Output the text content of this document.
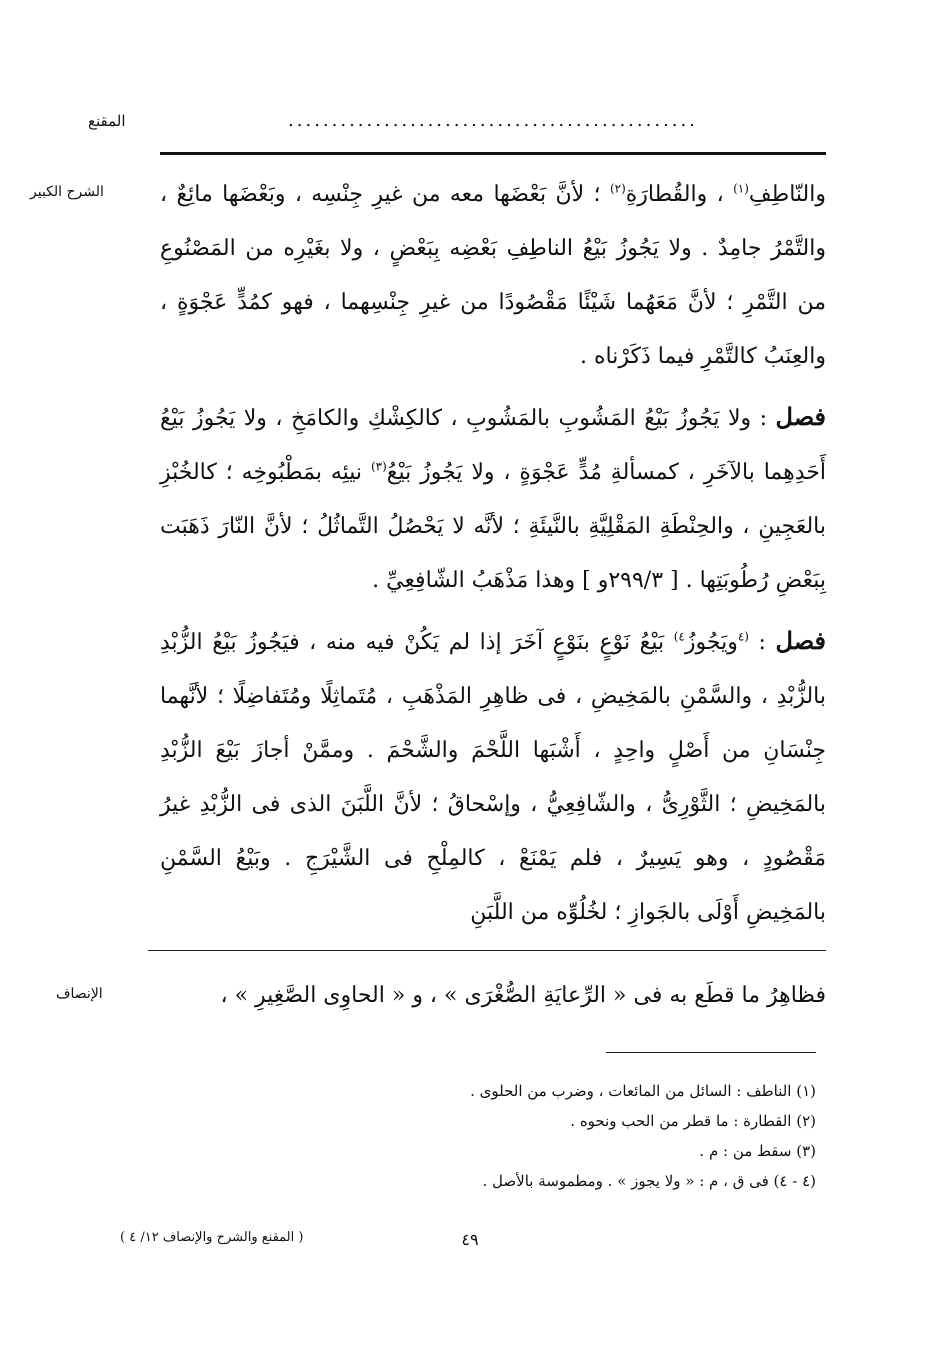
المقنع	...............................................
الشرح الكبير
الإنصاف

والنّاطِفِ$^{(١)}$ ، والقُطارَةِ$^{(٢)}$ ؛ لأنَّ بَعْضَها معه من غيرِ جِنْسِه ، وبَعْضَها مائِعٌ ، والتَّمْرُ جامِدٌ . ولا يَجُوزُ بَيْعُ الناطِفِ بَعْضِه بِبَعْضٍ ، ولا بغَيْرِه من المَصْنُوعِ من التَّمْرِ ؛ لأنَّ مَعَهُما شَيْئًا مَقْصُودًا من غيرِ جِنْسِهما ، فهو كمُدٍّ عَجْوَةٍ ، والعِنَبُ كالتَّمْرِ فيما ذَكَرْناه .

فصل : ولا يَجُوزُ بَيْعُ المَشُوبِ بالمَشُوبِ ، كالكِشْكِ والكامَخِ ، ولا يَجُوزُ بَيْعُ أَحَدِهِما بالآخَرِ ، كمسألةِ مُدٍّ عَجْوَةٍ ، ولا يَجُوزُ بَيْعُ$^{(٣)}$ نيئِه بمَطْبُوخِه ؛ كالخُبْزِ بالعَجِينِ ، والحِنْطَةِ المَقْلِيَّةِ بالنَّيئَةِ ؛ لأنَّه لا يَحْصُلُ التَّماثُلُ ؛ لأنَّ النّارَ ذَهَبَت بِبَعْضِ رُطُوبَتِها . [ ٢٩٩/٣و ] وهذا مَذْهَبُ الشّافِعِيِّ .

فصل : $^{(٤}$ويَجُوزُ$^{٤)}$ بَيْعُ نَوْعٍ بنَوْعٍ آخَرَ إذا لم يَكُنْ فيه منه ، فيَجُوزُ بَيْعُ الزُّبْدِ بالزُّبْدِ ، والسَّمْنِ بالمَخِيضِ ، فى ظاهِرِ المَذْهَبِ ، مُتَماثِلًا ومُتَفاضِلًا ؛ لأنَّهما جِنْسَانِ من أَصْلٍ واحِدٍ ، أَشْبَها اللَّحْمَ والشَّحْمَ . وممَّنْ أجازَ بَيْعَ الزُّبْدِ بالمَخِيضِ ؛ الثَّوْرِىُّ ، والشّافِعِيُّ ، وإسْحاقُ ؛ لأنَّ اللَّبَنَ الذى فى الزُّبْدِ غيرُ مَقْصُودٍ ، وهو يَسِيرٌ ، فلم يَمْنَعْ ، كالمِلْحِ فى الشَّيْرَجِ . وبَيْعُ السَّمْنِ بالمَخِيضِ أَوْلَى بالجَوازِ ؛ لخُلُوِّه من اللَّبَنِ

فظاهِرُ ما قطَع به فى « الرِّعايَةِ الصُّغْرَى » ، و « الحاوِى الصَّغِيرِ » ،

(١) الناطف : السائل من المائعات ، وضرب من الحلوى .

(٢) القطارة : ما قطر من الحب ونحوه .

(٣) سقط من : م .

(٤ - ٤) فى ق ، م : « ولا يجوز » . ومطموسة بالأصل .

٤٩
( المقنع والشرح والإنصاف ١٢/ ٤ )
